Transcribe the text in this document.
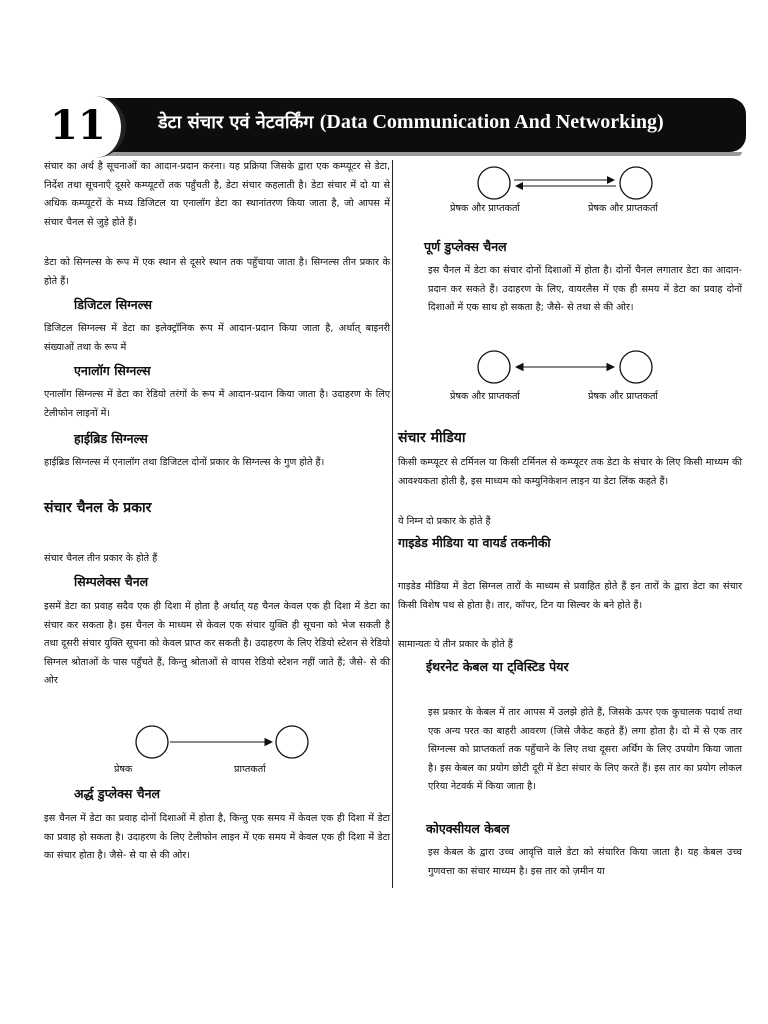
11	डेटा संचार एवं नेटवर्किंग (Data Communication And Networking)

संचार का अर्थ है सूचनाओं का आदान-प्रदान करना। यह प्रक्रिया जिसके द्वारा एक कम्प्यूटर से डेटा, निर्देश तथा सूचनाएँ दूसरे कम्प्यूटरों तक पहुँचती है, डेटा संचार कहलाती है। डेटा संचार में दो या से अधिक कम्प्यूटरों के मध्य डिजिटल या एनालॉग डेटा का स्थानांतरण किया जाता है, जो आपस में संचार चैनल से जुड़े होते हैं।

डेटा को सिग्नल्स के रूप में एक स्थान से दूसरे स्थान तक पहुँचाया जाता है। सिग्नल्स तीन प्रकार के होते हैं।

डिजिटल सिग्नल्स

डिजिटल सिग्नल्स में डेटा का इलेक्ट्रॉनिक रूप में आदान-प्रदान किया जाता है, अर्थात् बाइनरी संख्याओं तथा के रूप में

एनालॉग सिग्नल्स

एनालॉग सिग्नल्स में डेटा का रेडियो तरंगों के रूप में आदान-प्रदान किया जाता है। उदाहरण के लिए टेलीफोन लाइनों में।

हाईब्रिड सिग्नल्स

हाईब्रिड सिग्नल्स में एनालॉग तथा डिजिटल दोनों प्रकार के सिग्नल्स के गुण होते हैं।

संचार चैनल के प्रकार

संचार चैनल तीन प्रकार के होते हैं

सिम्पलेक्स चैनल

इसमें डेटा का प्रवाह सदैव एक ही दिशा में होता है अर्थात् यह चैनल केवल एक ही दिशा में डेटा का संचार कर सकता है। इस चैनल के माध्यम से केवल एक संचार युक्ति ही सूचना को भेज सकती है तथा दूसरी संचार युक्ति सूचना को केवल प्राप्त कर सकती है। उदाहरण के लिए रेडियो स्टेशन से रेडियो सिग्नल श्रोताओं के पास पहुँचते हैं, किन्तु श्रोताओं से वापस रेडियो स्टेशन नहीं जाते हैं; जैसे- से की ओर

प्रेषक	प्राप्तकर्ता

अर्द्ध डुप्लेक्स चैनल

इस चैनल में डेटा का प्रवाह दोनों दिशाओं में होता है, किन्तु एक समय में केवल एक ही दिशा में डेटा का प्रवाह हो सकता है। उदाहरण के लिए टेलीफोन लाइन में एक समय में केवल एक ही दिशा में डेटा का संचार होता है। जैसे- से या से की ओर।

प्रेषक और प्राप्तकर्ता	प्रेषक और प्राप्तकर्ता

पूर्ण डुप्लेक्स चैनल

इस चैनल में डेटा का संचार दोनों दिशाओं में होता है। दोनों चैनल लगातार डेटा का आदान-प्रदान कर सकते हैं। उदाहरण के लिए, वायरलैस में एक ही समय में डेटा का प्रवाह दोनों दिशाओं में एक साथ हो सकता है; जैसे- से तथा से की ओर।

प्रेषक और प्राप्तकर्ता	प्रेषक और प्राप्तकर्ता

संचार मीडिया

किसी कम्प्यूटर से टर्मिनल या किसी टर्मिनल से कम्प्यूटर तक डेटा के संचार के लिए किसी माध्यम की आवश्यकता होती है, इस माध्यम को कम्युनिकेशन लाइन या डेटा लिंक कहते हैं।

ये निम्न दो प्रकार के होते हैं

गाइडेड मीडिया या वायर्ड तकनीकी

गाइडेड मीडिया में डेटा सिग्नल तारों के माध्यम से प्रवाहित होते हैं इन तारों के द्वारा डेटा का संचार किसी विशेष पथ से होता है। तार, कॉपर, टिन या सिल्वर के बने होते हैं।

सामान्यतः ये तीन प्रकार के होते हैं

ईथरनेट केबल या ट्विस्टिड पेयर

इस प्रकार के केबल में तार आपस में उलझे होते हैं, जिसके ऊपर एक कुचालक पदार्थ तथा एक अन्य परत का बाहरी आवरण (जिसे जैकेट कहते हैं) लगा होता है। दो में से एक तार सिग्नल्स को प्राप्तकर्ता तक पहुँचाने के लिए तथा दूसरा अर्थिंग के लिए उपयोग किया जाता है। इस केबल का प्रयोग छोटी दूरी में डेटा संचार के लिए करते हैं। इस तार का प्रयोग लोकल एरिया नेटवर्क में किया जाता है।

कोएक्सीयल केबल

इस केबल के द्वारा उच्च आवृत्ति वाले डेटा को संचारित किया जाता है। यह केबल उच्च गुणवत्ता का संचार माध्यम है। इस तार को ज़मीन या
